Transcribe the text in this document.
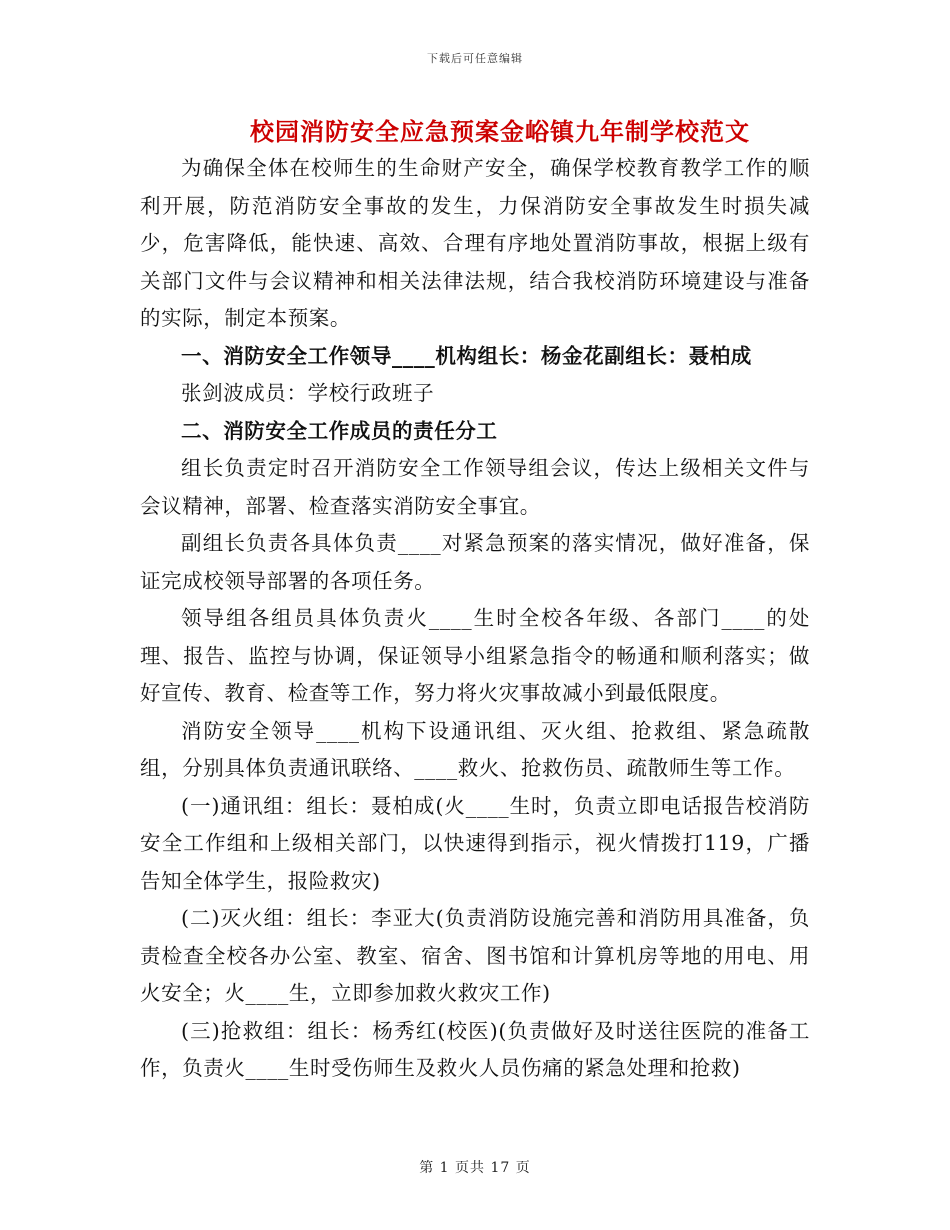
下载后可任意编辑
校园消防安全应急预案金峪镇九年制学校范文

为确保全体在校师生的生命财产安全，确保学校教育教学工作的顺利开展，防范消防安全事故的发生，力保消防安全事故发生时损失减少，危害降低，能快速、高效、合理有序地处置消防事故，根据上级有关部门文件与会议精神和相关法律法规，结合我校消防环境建设与准备的实际，制定本预案。

一、消防安全工作领导____机构组长：杨金花副组长：聂柏成

张剑波成员：学校行政班子

二、消防安全工作成员的责任分工

组长负责定时召开消防安全工作领导组会议，传达上级相关文件与会议精神，部署、检查落实消防安全事宜。

副组长负责各具体负责____对紧急预案的落实情况，做好准备，保证完成校领导部署的各项任务。

领导组各组员具体负责火____生时全校各年级、各部门____的处理、报告、监控与协调，保证领导小组紧急指令的畅通和顺利落实；做好宣传、教育、检查等工作，努力将火灾事故减小到最低限度。

消防安全领导____机构下设通讯组、灭火组、抢救组、紧急疏散组，分别具体负责通讯联络、____救火、抢救伤员、疏散师生等工作。

(一)通讯组：组长：聂柏成(火____生时，负责立即电话报告校消防安全工作组和上级相关部门，以快速得到指示，视火情拨打119，广播告知全体学生，报险救灾)

(二)灭火组：组长：李亚大(负责消防设施完善和消防用具准备，负责检查全校各办公室、教室、宿舍、图书馆和计算机房等地的用电、用火安全；火____生，立即参加救火救灾工作)

(三)抢救组：组长：杨秀红(校医)(负责做好及时送往医院的准备工作，负责火____生时受伤师生及救火人员伤痛的紧急处理和抢救)

第 1 页共 17 页
